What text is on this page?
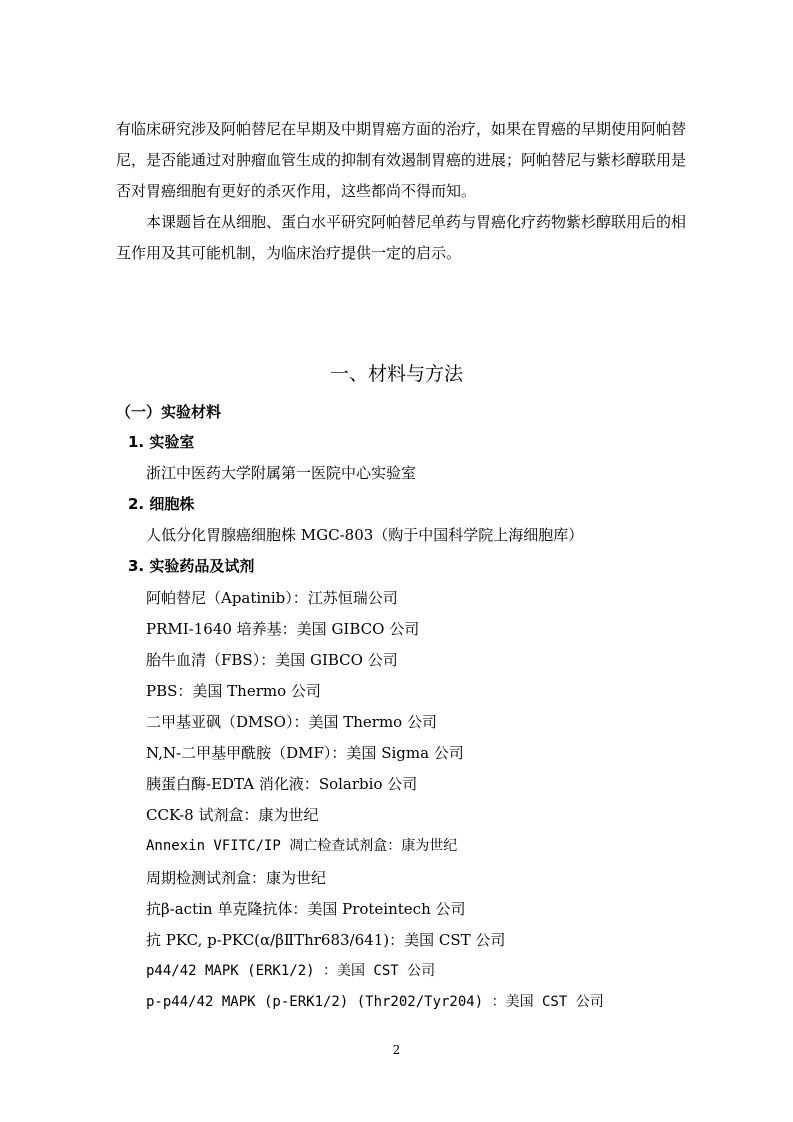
有临床研究涉及阿帕替尼在早期及中期胃癌方面的治疗，如果在胃癌的早期使用阿帕替
尼，是否能通过对肿瘤血管生成的抑制有效遏制胃癌的进展；阿帕替尼与紫杉醇联用是
否对胃癌细胞有更好的杀灭作用，这些都尚不得而知。
本课题旨在从细胞、蛋白水平研究阿帕替尼单药与胃癌化疗药物紫杉醇联用后的相
互作用及其可能机制，为临床治疗提供一定的启示。
一、材料与方法
（一）实验材料
1. 实验室
浙江中医药大学附属第一医院中心实验室
2. 细胞株
人低分化胃腺癌细胞株 MGC-803（购于中国科学院上海细胞库）
3. 实验药品及试剂
阿帕替尼（Apatinib）：江苏恒瑞公司
PRMI-1640 培养基：美国 GIBCO 公司
胎牛血清（FBS）：美国 GIBCO 公司
PBS：美国 Thermo 公司
二甲基亚砜（DMSO）：美国 Thermo 公司
N,N-二甲基甲酰胺（DMF）：美国 Sigma 公司
胰蛋白酶-EDTA 消化液：Solarbio 公司
CCK-8 试剂盒：康为世纪
Annexin VFITC/IP 凋亡检查试剂盒：康为世纪
周期检测试剂盒：康为世纪
抗β-actin 单克隆抗体：美国 Proteintech 公司
抗 PKC, p-PKC(α/βⅡThr683/641)：美国 CST 公司
p44/42 MAPK (ERK1/2) ：美国 CST 公司
p-p44/42 MAPK (p-ERK1/2) (Thr202/Tyr204) ：美国 CST 公司
2
